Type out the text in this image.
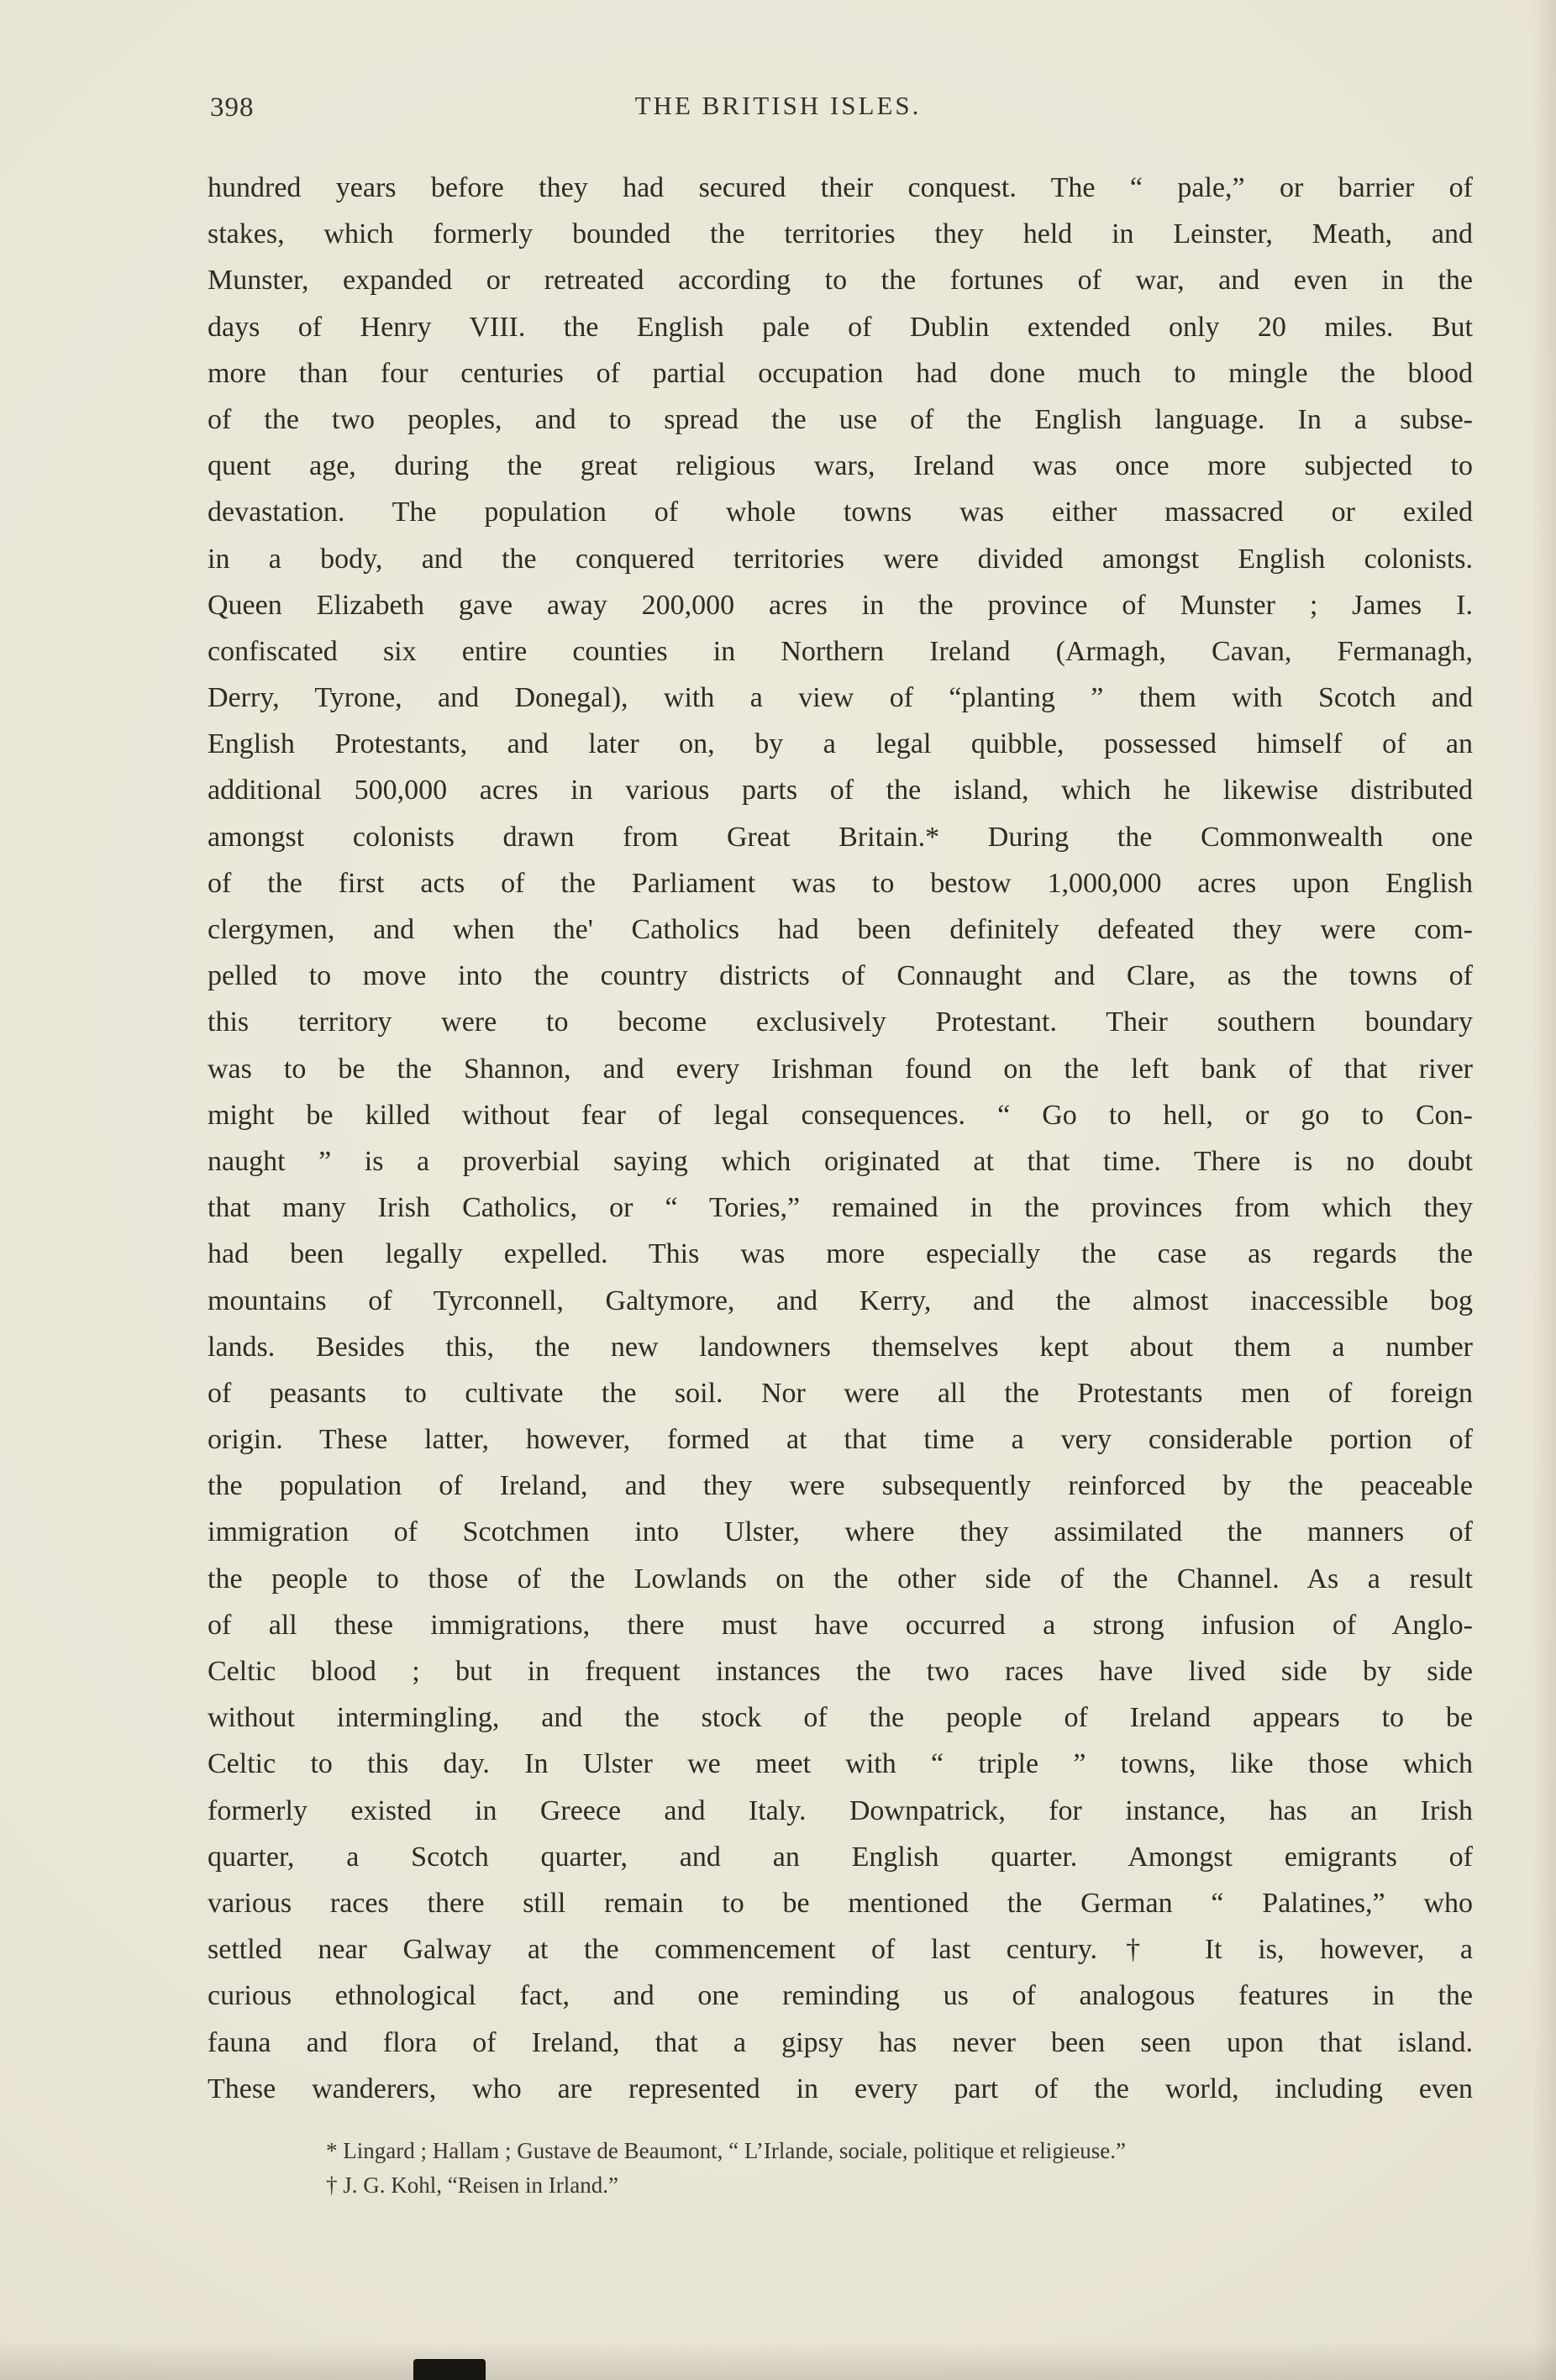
398	THE BRITISH ISLES.
hundred years before they had secured their conquest. The “ pale,” or barrier of
stakes, which formerly bounded the territories they held in Leinster, Meath, and
Munster, expanded or retreated according to the fortunes of war, and even in the
days of Henry VIII. the English pale of Dublin extended only 20 miles. But
more than four centuries of partial occupation had done much to mingle the blood
of the two peoples, and to spread the use of the English language. In a subse-
quent age, during the great religious wars, Ireland was once more subjected to
devastation. The population of whole towns was either massacred or exiled
in a body, and the conquered territories were divided amongst English colonists.
Queen Elizabeth gave away 200,000 acres in the province of Munster ; James I.
confiscated six entire counties in Northern Ireland (Armagh, Cavan, Fermanagh,
Derry, Tyrone, and Donegal), with a view of “planting ” them with Scotch and
English Protestants, and later on, by a legal quibble, possessed himself of an
additional 500,000 acres in various parts of the island, which he likewise distributed
amongst colonists drawn from Great Britain.* During the Commonwealth one
of the first acts of the Parliament was to bestow 1,000,000 acres upon English
clergymen, and when the' Catholics had been definitely defeated they were com-
pelled to move into the country districts of Connaught and Clare, as the towns of
this territory were to become exclusively Protestant. Their southern boundary
was to be the Shannon, and every Irishman found on the left bank of that river
might be killed without fear of legal consequences. “ Go to hell, or go to Con-
naught ” is a proverbial saying which originated at that time. There is no doubt
that many Irish Catholics, or “ Tories,” remained in the provinces from which they
had been legally expelled. This was more especially the case as regards the
mountains of Tyrconnell, Galtymore, and Kerry, and the almost inaccessible bog
lands. Besides this, the new landowners themselves kept about them a number
of peasants to cultivate the soil. Nor were all the Protestants men of foreign
origin. These latter, however, formed at that time a very considerable portion of
the population of Ireland, and they were subsequently reinforced by the peaceable
immigration of Scotchmen into Ulster, where they assimilated the manners of
the people to those of the Lowlands on the other side of the Channel. As a result
of all these immigrations, there must have occurred a strong infusion of Anglo-
Celtic blood ; but in frequent instances the two races have lived side by side
without intermingling, and the stock of the people of Ireland appears to be
Celtic to this day. In Ulster we meet with “ triple ” towns, like those which
formerly existed in Greece and Italy. Downpatrick, for instance, has an Irish
quarter, a Scotch quarter, and an English quarter. Amongst emigrants of
various races there still remain to be mentioned the German “ Palatines,” who
settled near Galway at the commencement of last century.† It is, however, a
curious ethnological fact, and one reminding us of analogous features in the
fauna and flora of Ireland, that a gipsy has never been seen upon that island.
These wanderers, who are represented in every part of the world, including even
* Lingard ; Hallam ; Gustave de Beaumont, “ L’Irlande, sociale, politique et religieuse.”
† J. G. Kohl, “Reisen in Irland.”
